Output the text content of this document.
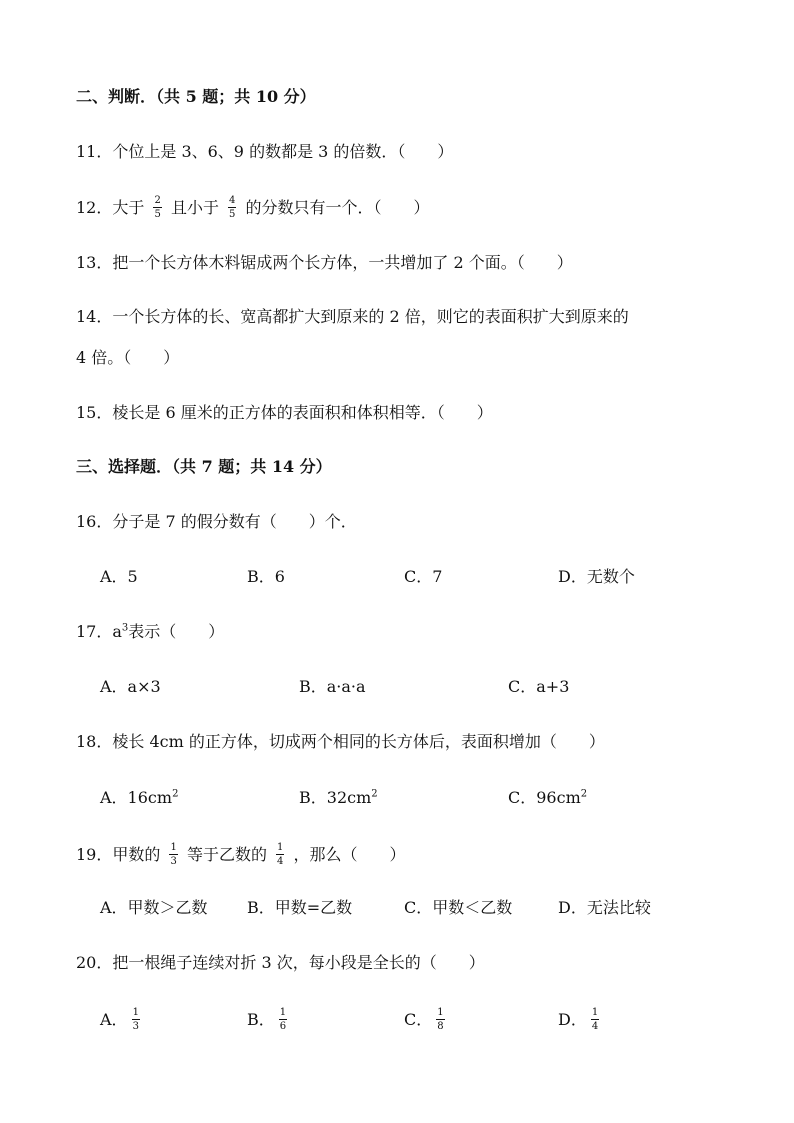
二、判断．（共 5 题；共 10 分）
11．个位上是 3、6、9 的数都是 3 的倍数．（　　）
12．大于 $\frac{2}{5}$ 且小于 $\frac{4}{5}$ 的分数只有一个．（　　）
13．把一个长方体木料锯成两个长方体，一共增加了 2 个面。（　　）
14．一个长方体的长、宽高都扩大到原来的 2 倍，则它的表面积扩大到原来的
4 倍。（　　）
15．棱长是 6 厘米的正方体的表面积和体积相等．（　　）
三、选择题．（共 7 题；共 14 分）
16．分子是 7 的假分数有（　　）个．
A．5	B．6	C．7	D．无数个
17．$a^3$表示（　　）
A．a×3	B．a·a·a	C．a+3
18．棱长 4cm 的正方体，切成两个相同的长方体后，表面积增加（　　）
A．$16cm^2$	B．$32cm^2$	C．$96cm^2$
19．甲数的 $\frac{1}{3}$ 等于乙数的 $\frac{1}{4}$ ，那么（　　）
A．甲数＞乙数 B．甲数=乙数	C．甲数＜乙数	D．无法比较
20．把一根绳子连续对折 3 次，每小段是全长的（　　）
A． $\frac{1}{3}$	B． $\frac{1}{6}$	C． $\frac{1}{8}$	D． $\frac{1}{4}$
